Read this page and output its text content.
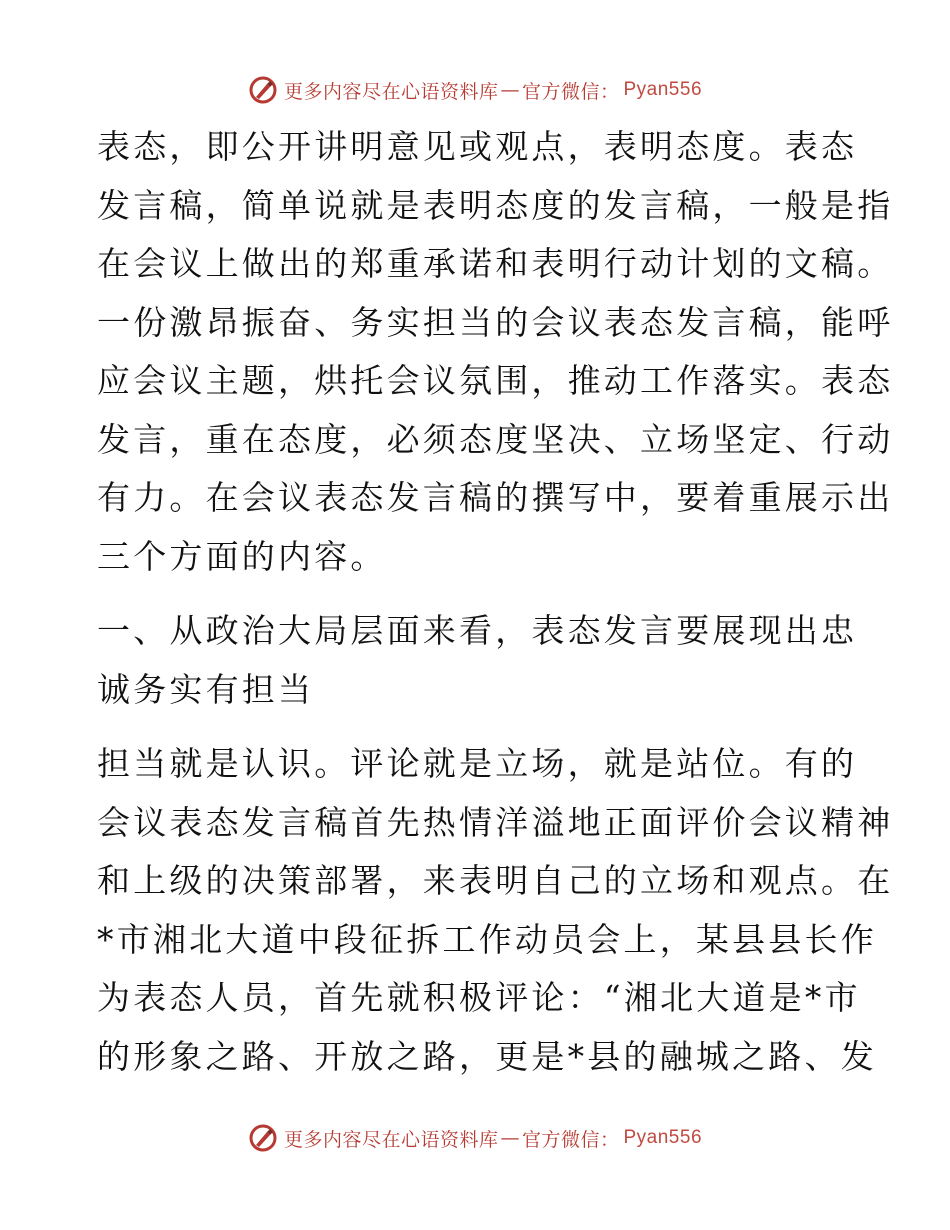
更多内容尽在心语资料库 — 官方微信： Pyan556

表态，即公开讲明意见或观点，表明态度。表态
发言稿，简单说就是表明态度的发言稿，一般是指
在会议上做出的郑重承诺和表明行动计划的文稿。
一份激昂振奋、务实担当的会议表态发言稿，能呼
应会议主题，烘托会议氛围，推动工作落实。表态
发言，重在态度，必须态度坚决、立场坚定、行动
有力。在会议表态发言稿的撰写中，要着重展示出
三个方面的内容。

一、从政治大局层面来看，表态发言要展现出忠
诚务实有担当

担当就是认识。评论就是立场，就是站位。有的
会议表态发言稿首先热情洋溢地正面评价会议精神
和上级的决策部署，来表明自己的立场和观点。在
*市湘北大道中段征拆工作动员会上，某县县长作
为表态人员，首先就积极评论：“湘北大道是*市
的形象之路、开放之路，更是*县的融城之路、发

更多内容尽在心语资料库 — 官方微信： Pyan556
